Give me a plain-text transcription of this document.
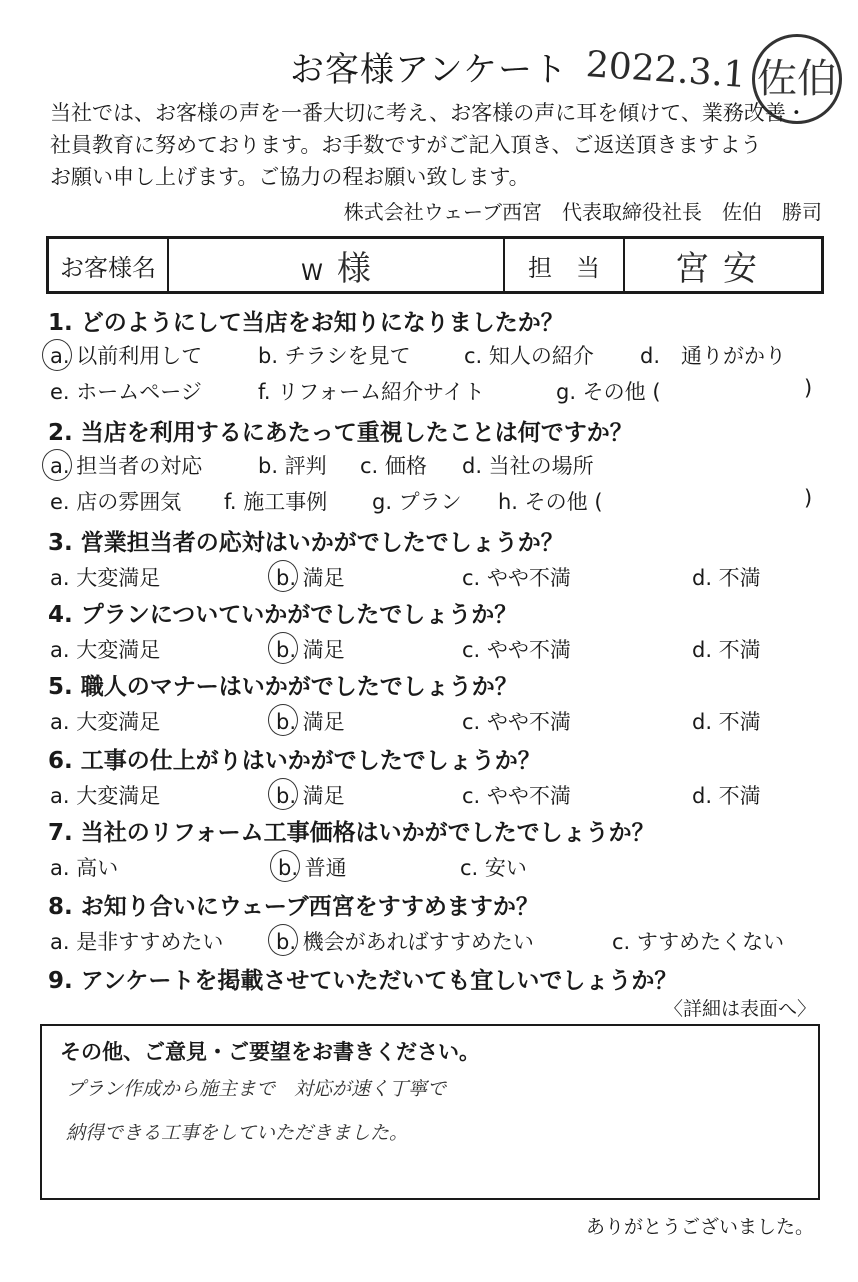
お客様アンケート 2022.3.1 佐伯
当社では、お客様の声を一番大切に考え、お客様の声に耳を傾けて、業務改善・
社員教育に努めております。お手数ですがご記入頂き、ご返送頂きますよう
お願い申し上げます。ご協力の程お願い致します。
株式会社ウェーブ西宮　代表取締役社長　佐伯　勝司
お客様名	W 様	担　当	宮安
1. どのようにして当店をお知りになりましたか？
a. 以前利用して	b. チラシを見て	c. 知人の紹介 d.　通りがかり
e. ホームページ	f. リフォーム紹介サイト	g. その他 (	)
2. 当店を利用するにあたって重視したことは何ですか？
a. 担当者の対応	b. 評判 c. 価格 d. 当社の場所
e. 店の雰囲気 f. 施工事例 g. プラン h. その他 (	)
3. 営業担当者の応対はいかがでしたでしょうか？
a. 大変満足	b. 満足	c. やや不満	d. 不満
4. プランについていかがでしたでしょうか？
a. 大変満足	b. 満足	c. やや不満	d. 不満
5. 職人のマナーはいかがでしたでしょうか？
a. 大変満足	b. 満足	c. やや不満	d. 不満
6. 工事の仕上がりはいかがでしたでしょうか？
a. 大変満足	b. 満足	c. やや不満	d. 不満
7. 当社のリフォーム工事価格はいかがでしたでしょうか？
a. 高い	b. 普通	c. 安い
8. お知り合いにウェーブ西宮をすすめますか？
a. 是非すすめたい	b. 機会があればすすめたい	c. すすめたくない
9. アンケートを掲載させていただいても宜しいでしょうか？
〈詳細は表面へ〉
その他、ご意見・ご要望をお書きください。
プラン作成から施主まで　対応が速く丁寧で
納得できる工事をしていただきました。
ありがとうございました。
